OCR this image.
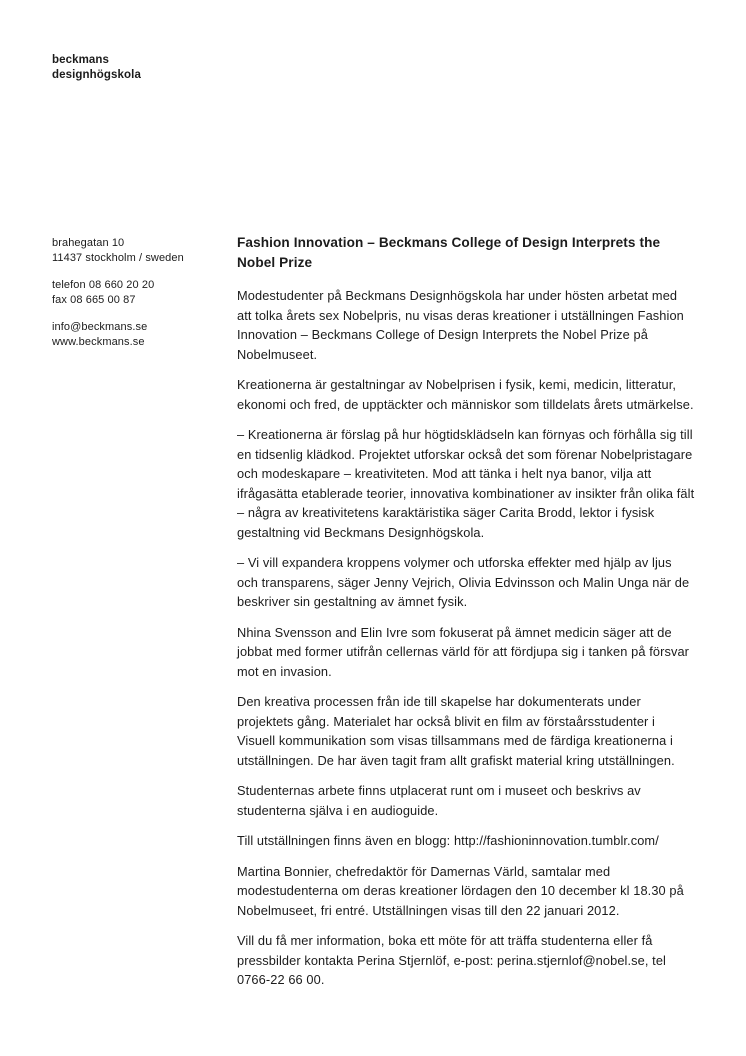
beckmans
designhögskola
brahegatan 10
11437 stockholm / sweden
telefon 08 660 20 20
fax 08 665 00 87
info@beckmans.se
www.beckmans.se
Fashion Innovation – Beckmans College of Design Interprets the Nobel Prize

Modestudenter på Beckmans Designhögskola har under hösten arbetat med att tolka årets sex Nobelpris, nu visas deras kreationer i utställningen Fashion Innovation – Beckmans College of Design Interprets the Nobel Prize på Nobelmuseet.

Kreationerna är gestaltningar av Nobelprisen i fysik, kemi, medicin, litteratur, ekonomi och fred, de upptäckter och människor som tilldelats årets utmärkelse.

– Kreationerna är förslag på hur högtidsklädseln kan förnyas och förhålla sig till en tidsenlig klädkod. Projektet utforskar också det som förenar Nobelpristagare och modeskapare – kreativiteten. Mod att tänka i helt nya banor, vilja att ifrågasätta etablerade teorier, innovativa kombinationer av insikter från olika fält – några av kreativitetens karaktäristika säger Carita Brodd, lektor i fysisk gestaltning vid Beckmans Designhögskola.

– Vi vill expandera kroppens volymer och utforska effekter med hjälp av ljus och transparens, säger Jenny Vejrich, Olivia Edvinsson och Malin Unga när de beskriver sin gestaltning av ämnet fysik.

Nhina Svensson and Elin Ivre som fokuserat på ämnet medicin säger att de jobbat med former utifrån cellernas värld för att fördjupa sig i tanken på försvar mot en invasion.

Den kreativa processen från ide till skapelse har dokumenterats under projektets gång. Materialet har också blivit en film av förstaårsstudenter i Visuell kommunikation som visas tillsammans med de färdiga kreationerna i utställningen. De har även tagit fram allt grafiskt material kring utställningen.

Studenternas arbete finns utplacerat runt om i museet och beskrivs av studenterna själva i en audioguide.

Till utställningen finns även en blogg: http://fashioninnovation.tumblr.com/

Martina Bonnier, chefredaktör för Damernas Värld, samtalar med modestudenterna om deras kreationer lördagen den 10 december kl 18.30 på Nobelmuseet, fri entré. Utställningen visas till den 22 januari 2012.

Vill du få mer information, boka ett möte för att träffa studenterna eller få pressbilder kontakta Perina Stjernlöf, e-post: perina.stjernlof@nobel.se, tel 0766-22 66 00.
